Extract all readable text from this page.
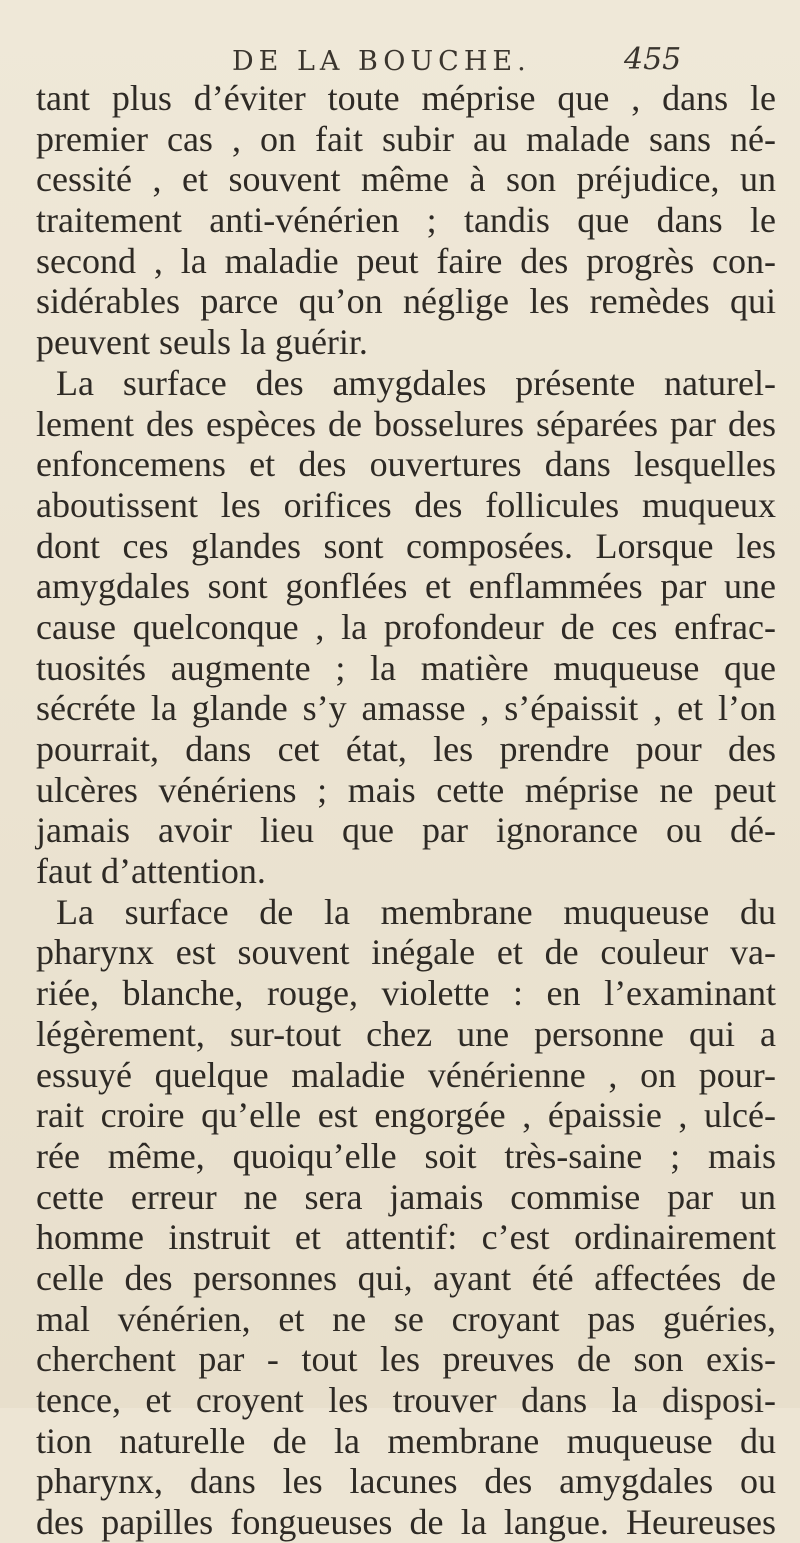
DE LA BOUCHE.	455
tant plus d’éviter toute méprise que , dans le
premier cas , on fait subir au malade sans né-
cessité , et souvent même à son préjudice, un
traitement anti-vénérien ; tandis que dans le
second , la maladie peut faire des progrès con-
sidérables parce qu’on néglige les remèdes qui
peuvent seuls la guérir.
La surface des amygdales présente naturel-
lement des espèces de bosselures séparées par des
enfoncemens et des ouvertures dans lesquelles
aboutissent les orifices des follicules muqueux
dont ces glandes sont composées. Lorsque les
amygdales sont gonflées et enflammées par une
cause quelconque , la profondeur de ces enfrac-
tuosités augmente ; la matière muqueuse que
sécréte la glande s’y amasse , s’épaissit , et l’on
pourrait, dans cet état, les prendre pour des
ulcères vénériens ; mais cette méprise ne peut
jamais avoir lieu que par ignorance ou dé-
faut d’attention.
La surface de la membrane muqueuse du
pharynx est souvent inégale et de couleur va-
riée, blanche, rouge, violette : en l’examinant
légèrement, sur-tout chez une personne qui a
essuyé quelque maladie vénérienne , on pour-
rait croire qu’elle est engorgée , épaissie , ulcé-
rée même, quoiqu’elle soit très-saine ; mais
cette erreur ne sera jamais commise par un
homme instruit et attentif: c’est ordinairement
celle des personnes qui, ayant été affectées de
mal vénérien, et ne se croyant pas guéries,
cherchent par - tout les preuves de son exis-
tence, et croyent les trouver dans la disposi-
tion naturelle de la membrane muqueuse du
pharynx, dans les lacunes des amygdales ou
des papilles fongueuses de la langue. Heureuses
